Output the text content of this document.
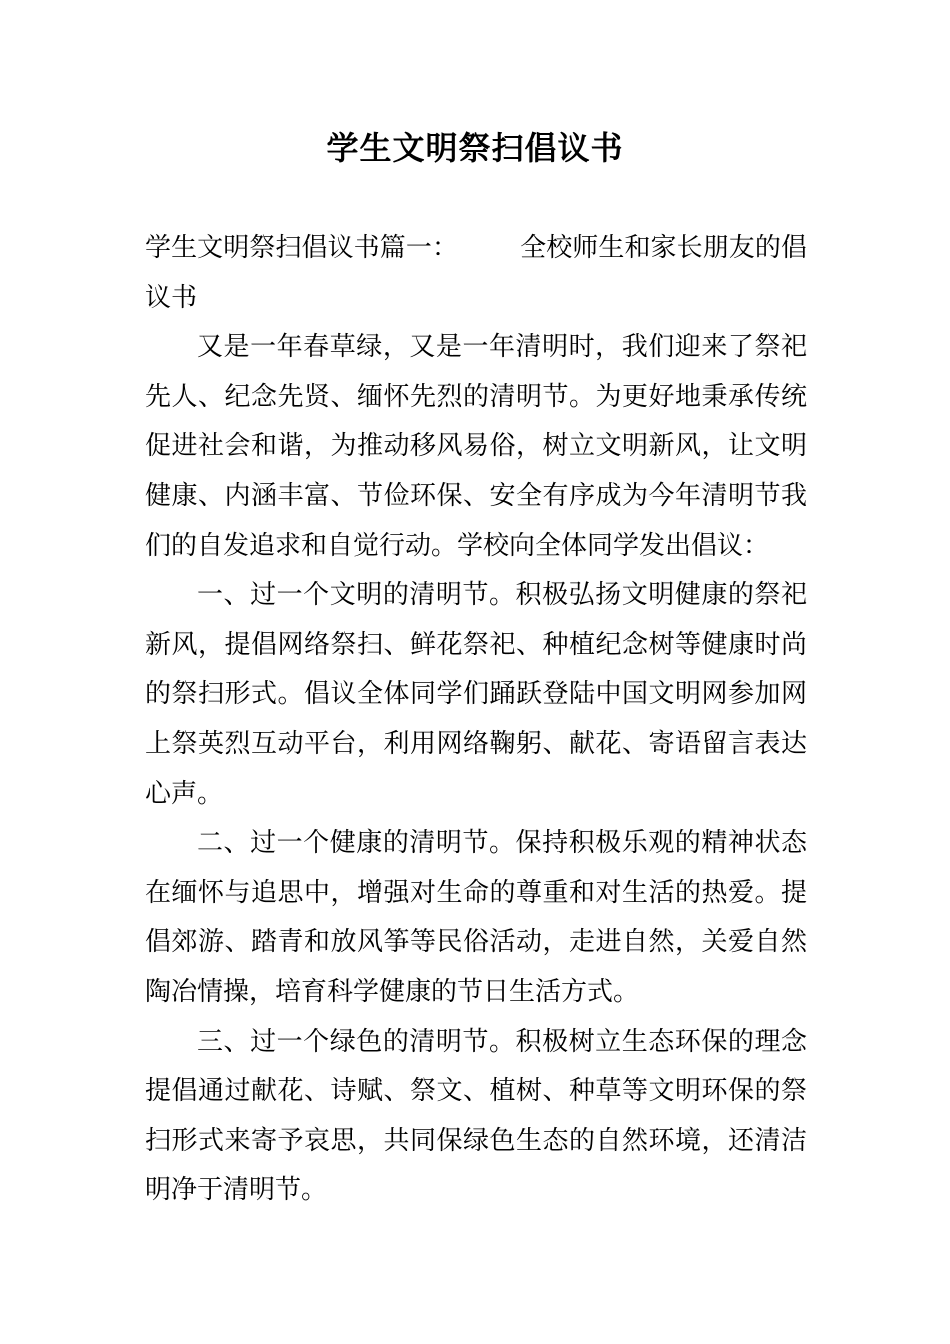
学生文明祭扫倡议书

学生文明祭扫倡议书篇一： 全校师生和家长朋友的倡议书

又是一年春草绿，又是一年清明时，我们迎来了祭祀先人、纪念先贤、缅怀先烈的清明节。为更好地秉承传统促进社会和谐，为推动移风易俗，树立文明新风，让文明健康、内涵丰富、节俭环保、安全有序成为今年清明节我们的自发追求和自觉行动。学校向全体同学发出倡议：

一、过一个文明的清明节。积极弘扬文明健康的祭祀新风，提倡网络祭扫、鲜花祭祀、种植纪念树等健康时尚的祭扫形式。倡议全体同学们踊跃登陆中国文明网参加网上祭英烈互动平台，利用网络鞠躬、献花、寄语留言表达心声。

二、过一个健康的清明节。保持积极乐观的精神状态在缅怀与追思中，增强对生命的尊重和对生活的热爱。提倡郊游、踏青和放风筝等民俗活动，走进自然，关爱自然陶冶情操，培育科学健康的节日生活方式。

三、过一个绿色的清明节。积极树立生态环保的理念提倡通过献花、诗赋、祭文、植树、种草等文明环保的祭扫形式来寄予哀思，共同保绿色生态的自然环境，还清洁明净于清明节。
